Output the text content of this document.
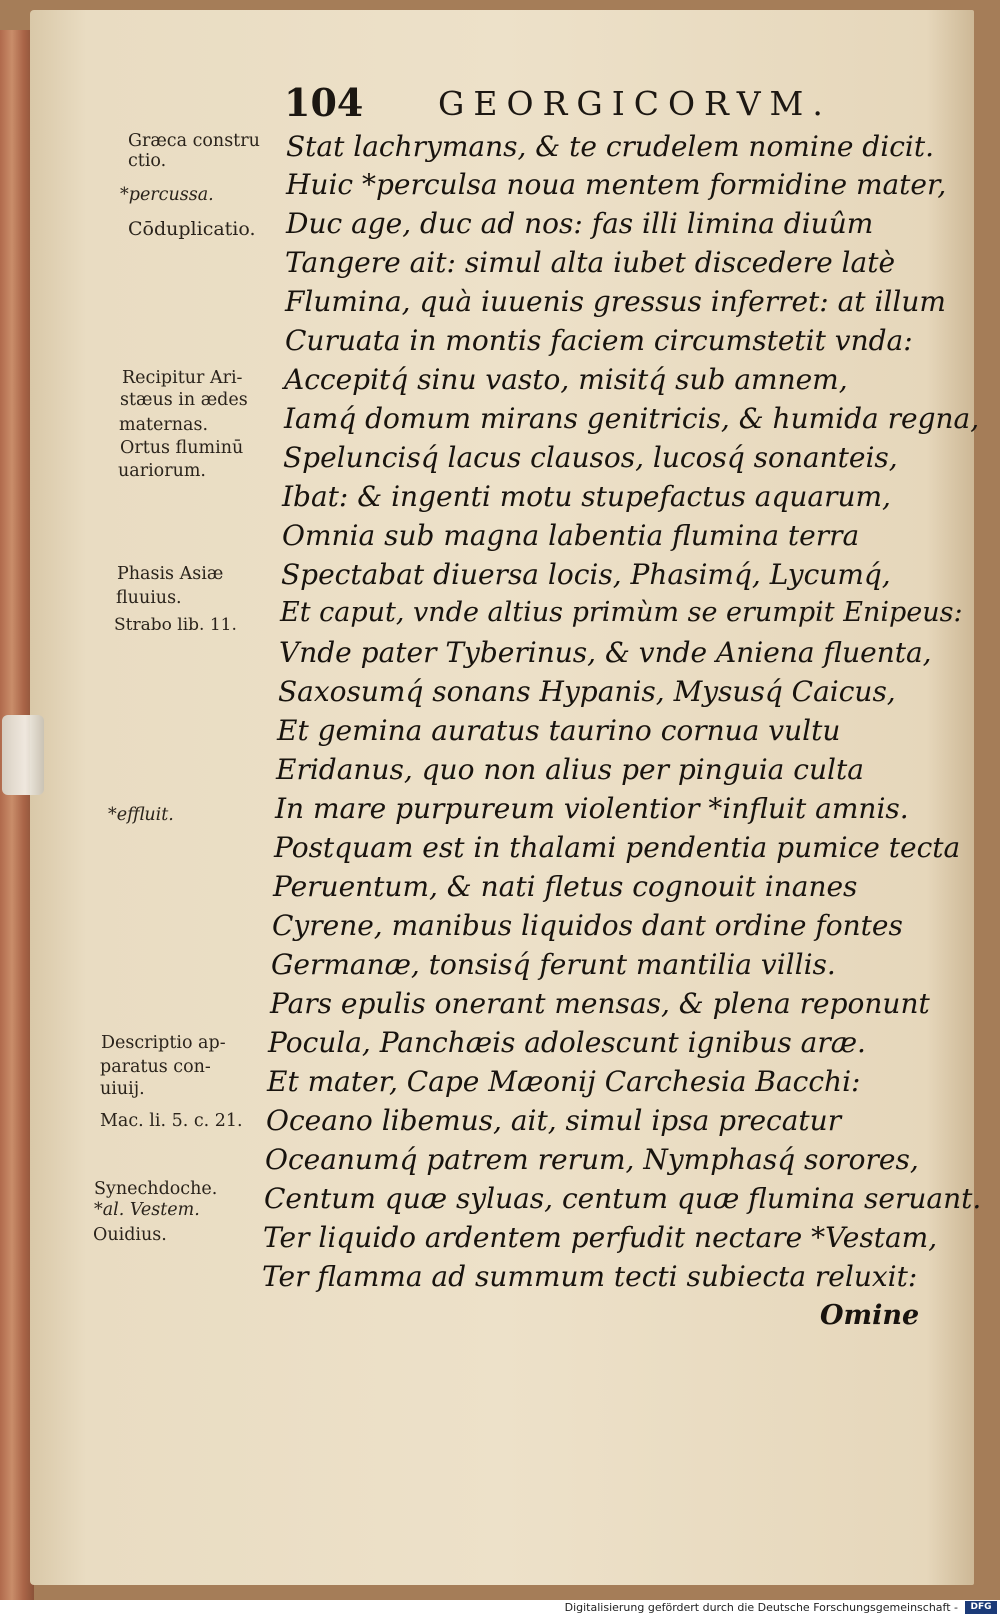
104 GEORGICORVM.
Stat lachrymans, & te crudelem nomine dicit.
Huic *perculsa noua mentem formidine mater,
Duc age, duc ad nos: fas illi limina diuûm
Tangere ait: simul alta iubet discedere latè
Flumina, quà iuuenis gressus inferret: at illum
Curuata in montis faciem circumstetit vnda:
Accepitq́ sinu vasto, misitq́ sub amnem,
Iamq́ domum mirans genitricis, & humida regna,
Speluncisq́ lacus clausos, lucosq́ sonanteis,
Ibat: & ingenti motu stupefactus aquarum,
Omnia sub magna labentia flumina terra
Spectabat diuersa locis, Phasimq́, Lycumq́,
Et caput, vnde altius primùm se erumpit Enipeus:
Vnde pater Tyberinus, & vnde Aniena fluenta,
Saxosumq́ sonans Hypanis, Mysusq́ Caicus,
Et gemina auratus taurino cornua vultu
Eridanus, quo non alius per pinguia culta
In mare purpureum violentior *influit amnis.
Postquam est in thalami pendentia pumice tecta
Peruentum, & nati fletus cognouit inanes
Cyrene, manibus liquidos dant ordine fontes
Germanæ, tonsisq́ ferunt mantilia villis.
Pars epulis onerant mensas, & plena reponunt
Pocula, Panchæis adolescunt ignibus aræ.
Et mater, Cape Mæonij Carchesia Bacchi:
Oceano libemus, ait, simul ipsa precatur
Oceanumq́ patrem rerum, Nymphasq́ sorores,
Centum quæ syluas, centum quæ flumina seruant.
Ter liquido ardentem perfudit nectare *Vestam,
Ter flamma ad summum tecti subiecta reluxit:
Græca constru
ctio.
*percussa.
Cōduplicatio.
Recipitur Ari-
stæus in ædes
maternas.
Ortus fluminū
uariorum.
Phasis Asiæ
fluuius.
Strabo lib. 11.
*effluit.
Descriptio ap-
paratus con-
uiuij.
Mac. li. 5. c. 21.
Synechdoche.
*al. Vestem.
Ouidius.
Omine
Digitalisierung gefördert durch die Deutsche Forschungsgemeinschaft -	DFG
